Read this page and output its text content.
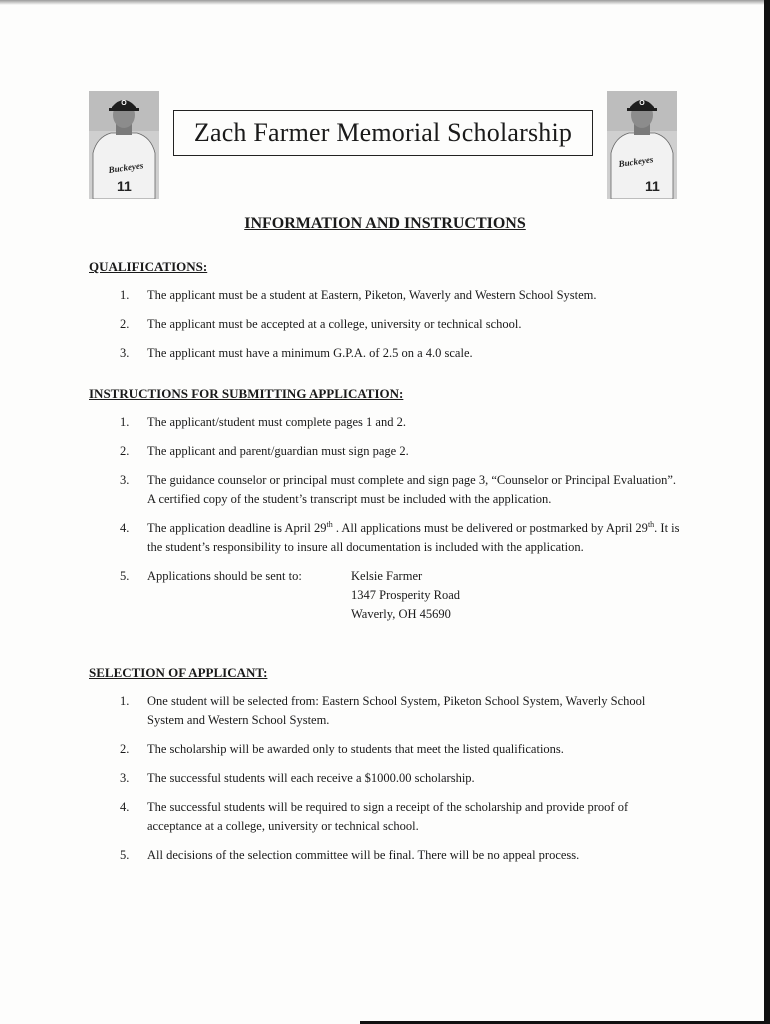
O
Buckeyes
11
Zach Farmer Memorial Scholarship
O
Buckeyes
11
INFORMATION AND INSTRUCTIONS
QUALIFICATIONS:
1.	The applicant must be a student at Eastern, Piketon, Waverly and Western School System.
2.	The applicant must be accepted at a college, university or technical school.
3.	The applicant must have a minimum G.P.A. of 2.5 on a 4.0 scale.
INSTRUCTIONS FOR SUBMITTING APPLICATION:
1.	The applicant/student must complete pages 1 and 2.
2.	The applicant and parent/guardian must sign page 2.
3.	The guidance counselor or principal must complete and sign page 3, “Counselor or Principal Evaluation”. A certified copy of the student’s transcript must be included with the application.
4.	The application deadline is April 29th . All applications must be delivered or postmarked by April 29th. It is the student’s responsibility to insure all documentation is included with the application.
5.	Applications should be sent to:	Kelsie Farmer
1347 Prosperity Road
Waverly, OH 45690
SELECTION OF APPLICANT:
1.	One student will be selected from: Eastern School System, Piketon School System, Waverly School System and Western School System.
2.	The scholarship will be awarded only to students that meet the listed qualifications.
3.	The successful students will each receive a $1000.00 scholarship.
4.	The successful students will be required to sign a receipt of the scholarship and provide proof of acceptance at a college, university or technical school.
5.	All decisions of the selection committee will be final. There will be no appeal process.
